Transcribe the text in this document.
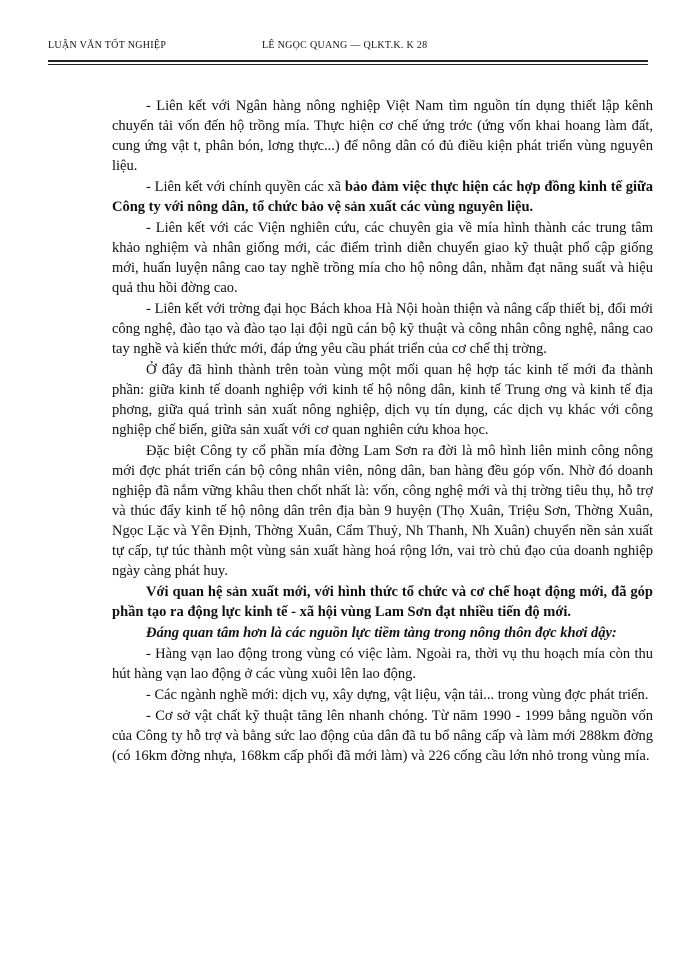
LUẬN VĂN TỐT NGHIỆP	LÊ NGỌC QUANG — QLKT.K. K 28

- Liên kết với Ngân hàng nông nghiệp Việt Nam tìm nguồn tín dụng thiết lập kênh chuyển tải vốn đến hộ trồng mía. Thực hiện cơ chế ứng trớc (ứng vốn khai hoang làm đất, cung ứng vật t, phân bón, lơng thực...) để nông dân có đủ điều kiện phát triển vùng nguyên liệu.

- Liên kết với chính quyền các xã bảo đảm việc thực hiện các hợp đồng kinh tế giữa Công ty với nông dân, tổ chức bảo vệ sản xuất các vùng nguyên liệu.

- Liên kết với các Viện nghiên cứu, các chuyên gia về mía hình thành các trung tâm khảo nghiệm và nhân giống mới, các điểm trình diễn chuyển giao kỹ thuật phổ cập giống mới, huấn luyện nâng cao tay nghề trồng mía cho hộ nông dân, nhằm đạt năng suất và hiệu quả thu hồi đờng cao.

- Liên kết với trờng đại học Bách khoa Hà Nội hoàn thiện và nâng cấp thiết bị, đổi mới công nghệ, đào tạo và đào tạo lại đội ngũ cán bộ kỹ thuật và công nhân công nghệ, nâng cao tay nghề và kiến thức mới, đáp ứng yêu cầu phát triển của cơ chế thị trờng.

Ở đây đã hình thành trên toàn vùng một mối quan hệ hợp tác kinh tế mới đa thành phần: giữa kinh tế doanh nghiệp với kinh tế hộ nông dân, kinh tế Trung ơng và kinh tế địa phơng, giữa quá trình sản xuất nông nghiệp, dịch vụ tín dụng, các dịch vụ khác với công nghiệp chế biến, giữa sản xuất với cơ quan nghiên cứu khoa học.

Đặc biệt Công ty cổ phần mía đờng Lam Sơn ra đời là mô hình liên minh công nông mới đợc phát triển cán bộ công nhân viên, nông dân, ban hàng đều góp vốn. Nhờ đó doanh nghiệp đã nắm vững khâu then chốt nhất là: vốn, công nghệ mới và thị trờng tiêu thụ, hỗ trợ và thúc đẩy kinh tế hộ nông dân trên địa bàn 9 huyện (Thọ Xuân, Triệu Sơn, Thờng Xuân, Ngọc Lặc và Yên Định, Thờng Xuân, Cẩm Thuỷ, Nh Thanh, Nh Xuân) chuyển nền sản xuất tự cấp, tự túc thành một vùng sản xuất hàng hoá rộng lớn, vai trò chủ đạo của doanh nghiệp ngày càng phát huy.

Với quan hệ sản xuất mới, với hình thức tổ chức và cơ chế hoạt động mới, đã góp phần tạo ra động lực kinh tế - xã hội vùng Lam Sơn đạt nhiều tiến độ mới.

Đáng quan tâm hơn là các nguồn lực tiềm tàng trong nông thôn đợc khơi dậy:

- Hàng vạn lao động trong vùng có việc làm. Ngoài ra, thời vụ thu hoạch mía còn thu hút hàng vạn lao động ở các vùng xuôi lên lao động.

- Các ngành nghề mới: dịch vụ, xây dựng, vật liệu, vận tải... trong vùng đợc phát triển.

- Cơ sở vật chất kỹ thuật tăng lên nhanh chóng. Từ năm 1990 - 1999 bằng nguồn vốn của Công ty hỗ trợ và bằng sức lao động của dân đã tu bổ nâng cấp và làm mới 288km đờng (có 16km đờng nhựa, 168km cấp phối đã mới làm) và 226 cống cầu lớn nhỏ trong vùng mía.
